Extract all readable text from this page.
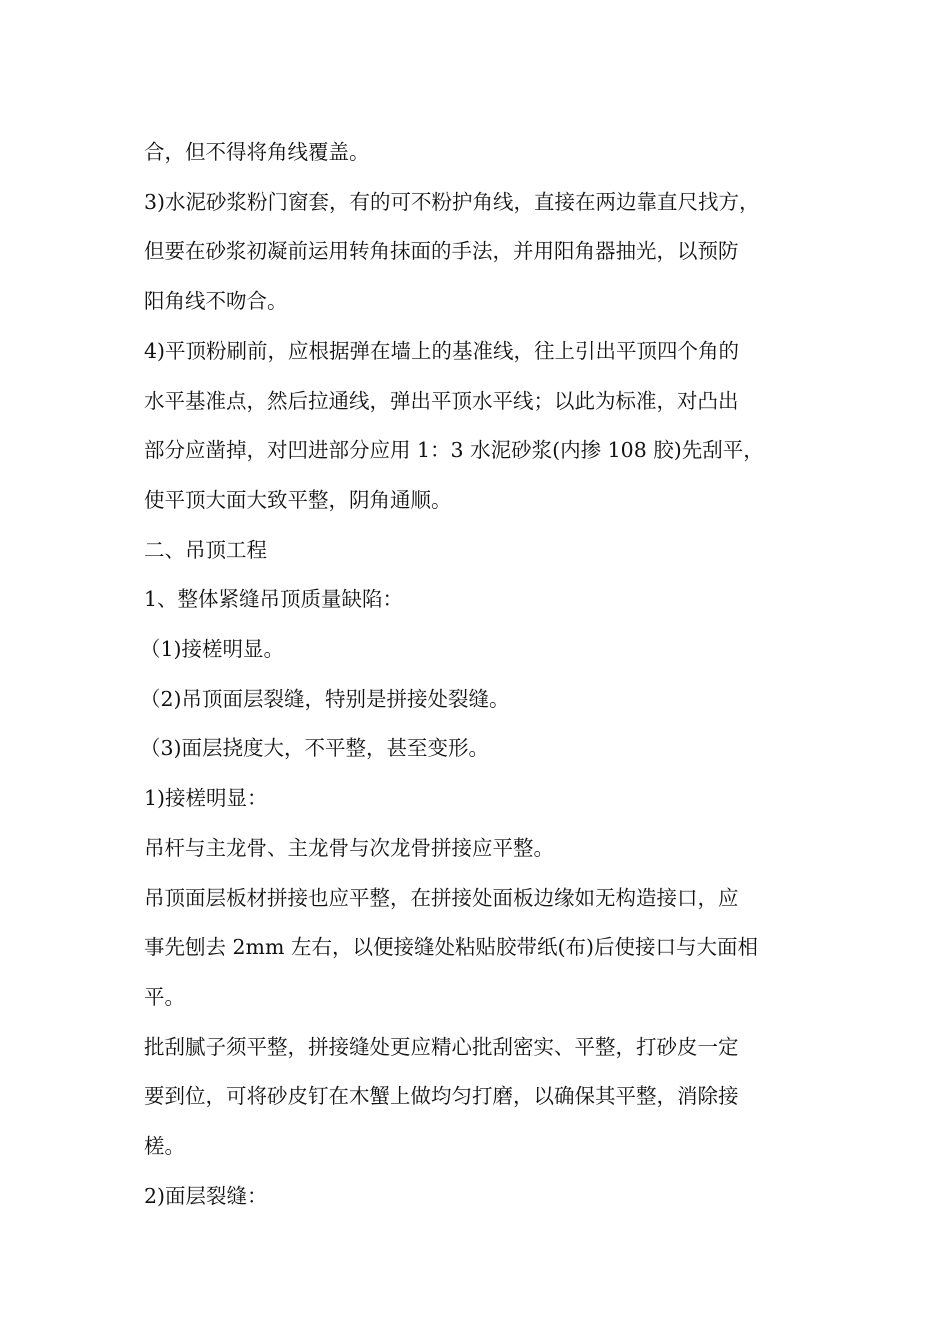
合，但不得将角线覆盖。

3)水泥砂浆粉门窗套，有的可不粉护角线，直接在两边靠直尺找方，

但要在砂浆初凝前运用转角抹面的手法，并用阳角器抽光，以预防

阳角线不吻合。

4)平顶粉刷前，应根据弹在墙上的基准线，往上引出平顶四个角的

水平基准点，然后拉通线，弹出平顶水平线；以此为标准，对凸出

部分应凿掉，对凹进部分应用 1：3 水泥砂浆(内掺 108 胶)先刮平，

使平顶大面大致平整，阴角通顺。

二、吊顶工程

1、整体紧缝吊顶质量缺陷：

（1)接槎明显。

（2)吊顶面层裂缝，特别是拼接处裂缝。

（3)面层挠度大，不平整，甚至变形。

1)接槎明显：

吊杆与主龙骨、主龙骨与次龙骨拼接应平整。

吊顶面层板材拼接也应平整，在拼接处面板边缘如无构造接口，应

事先刨去 2mm 左右，以便接缝处粘贴胶带纸(布)后使接口与大面相

平。

批刮腻子须平整，拼接缝处更应精心批刮密实、平整，打砂皮一定

要到位，可将砂皮钉在木蟹上做均匀打磨，以确保其平整，消除接

槎。

2)面层裂缝：
